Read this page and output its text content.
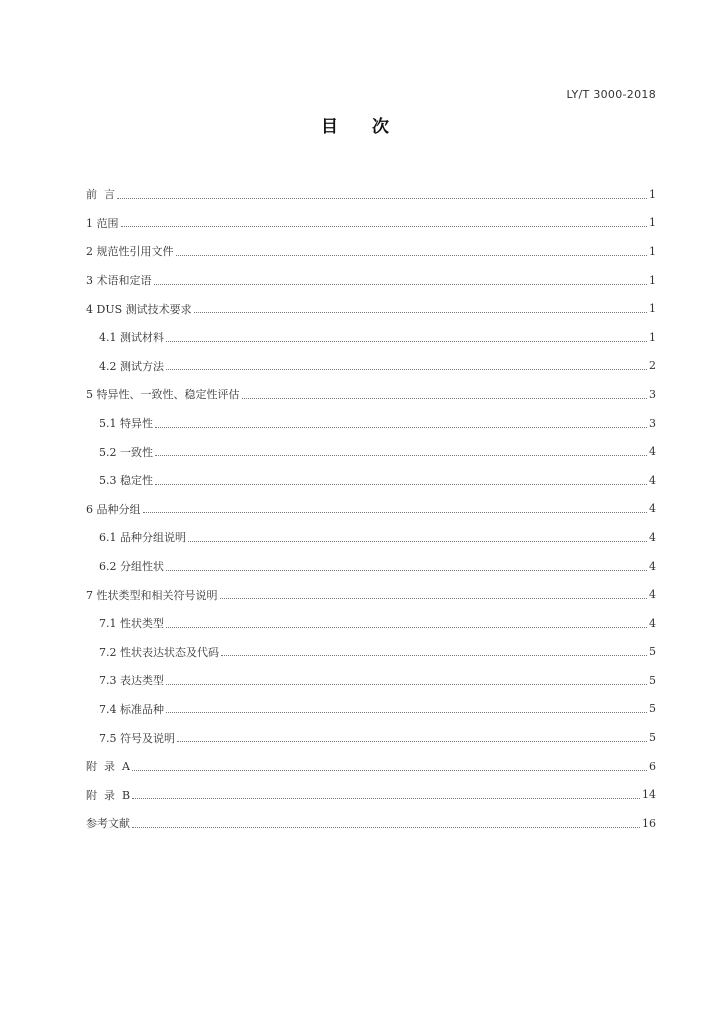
LY/T 3000-2018
目 次
前  言	1
1 范围	1
2 规范性引用文件	1
3 术语和定语	1
4 DUS 测试技术要求	1
4.1 测试材料	1
4.2 测试方法	2
5 特异性、一致性、稳定性评估	3
5.1 特异性	3
5.2 一致性	4
5.3 稳定性	4
6 品种分组	4
6.1 品种分组说明	4
6.2 分组性状	4
7 性状类型和相关符号说明	4
7.1 性状类型	4
7.2 性状表达状态及代码	5
7.3 表达类型	5
7.4 标准品种	5
7.5 符号及说明	5
附  录  A	6
附  录  B	14
参考文献	16
